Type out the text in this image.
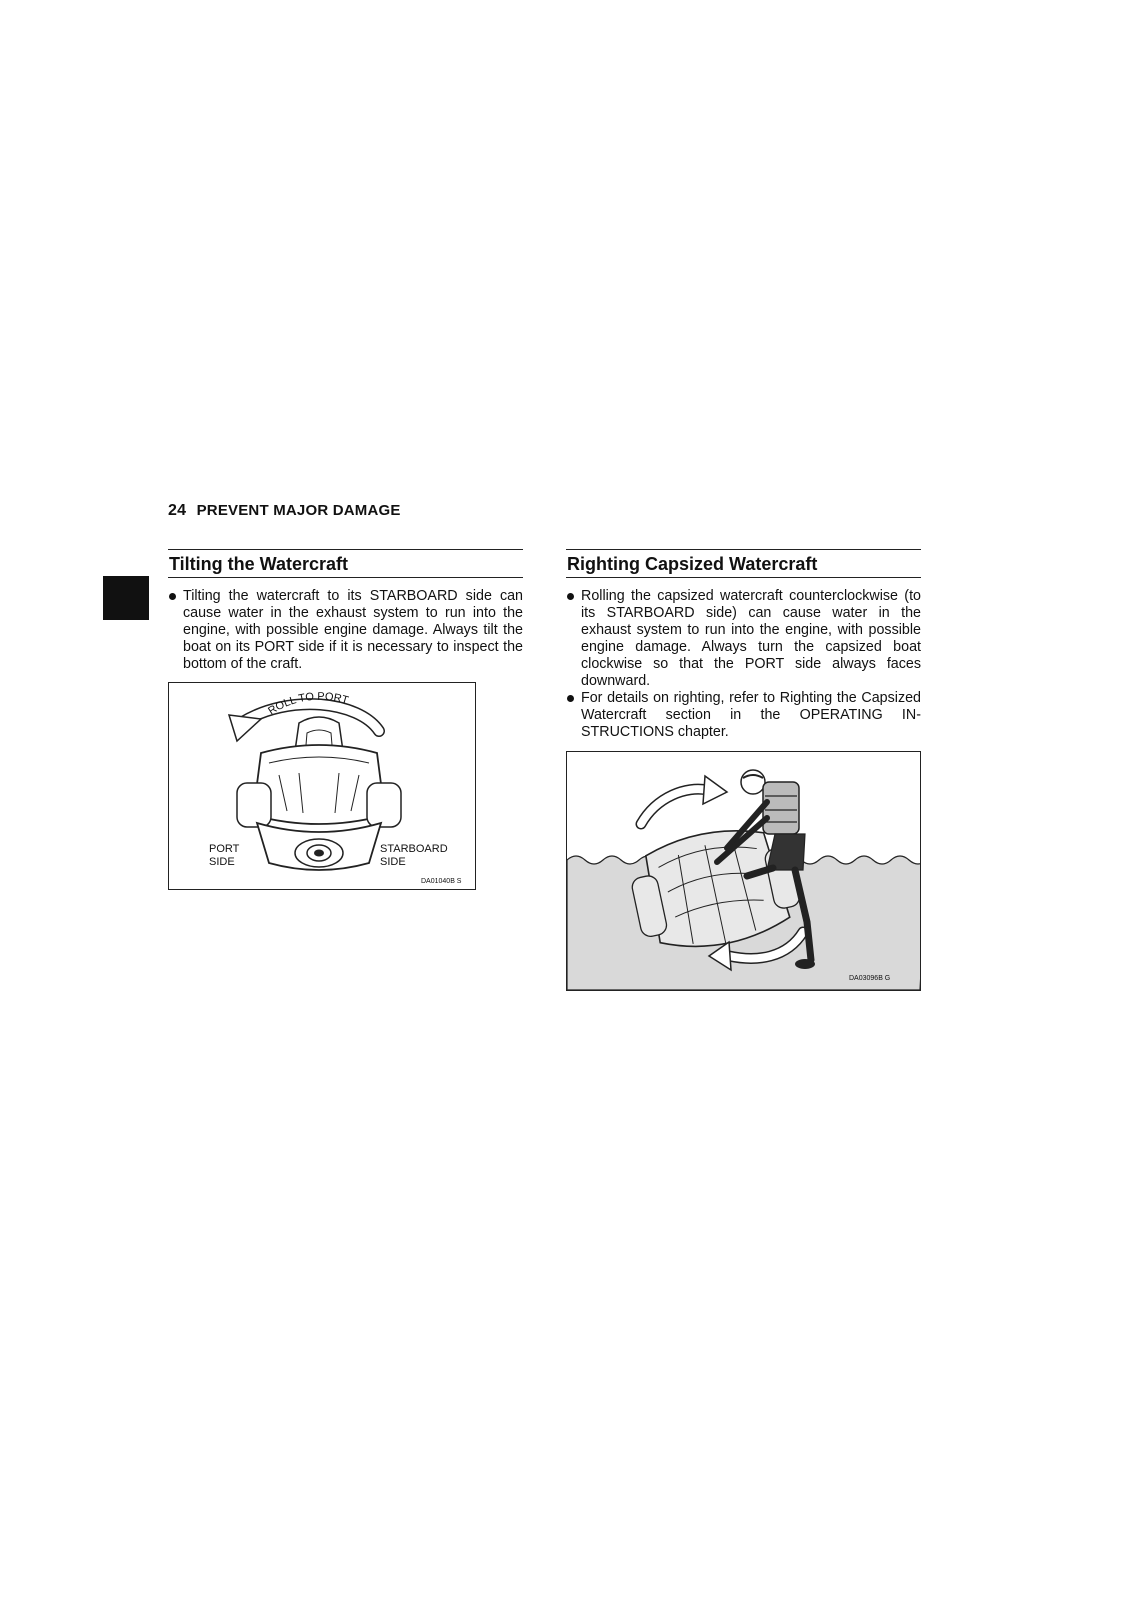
24 PREVENT MAJOR DAMAGE
Tilting the Watercraft
Tilting the watercraft to its STARBOARD side can cause water in the exhaust system to run into the engine, with possible engine damage. Always tilt the boat on its PORT side if it is necessary to inspect the bottom of the craft.
ROLL TO PORT
DA01040B S
PORT
SIDE
STARBOARD
SIDE
Righting Capsized Watercraft
Rolling the capsized watercraft counterclockwise (to its STARBOARD side) can cause water in the exhaust system to run into the engine, with possible engine damage. Always turn the capsized boat clockwise so that the PORT side always faces downward.
For details on righting, refer to Righting the Capsized Watercraft section in the OPERATING INSTRUCTIONS chapter.
DA03096B G
